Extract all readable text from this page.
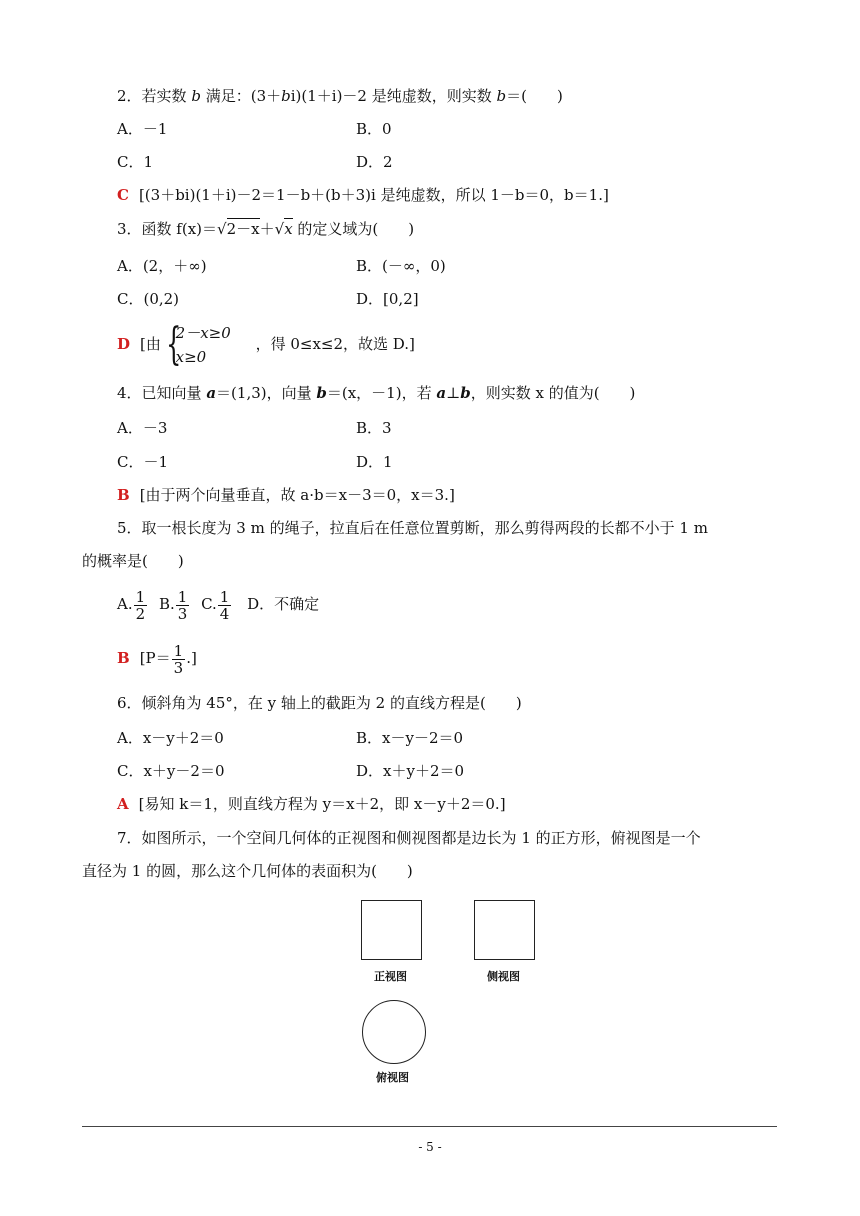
2．若实数 b 满足：(3＋bi)(1＋i)－2 是纯虚数，则实数 b＝(　　)
A．－1	B．0
C．1	D．2
C [(3＋bi)(1＋i)－2＝1－b＋(b＋3)i 是纯虚数，所以 1－b＝0，b＝1.]
3．函数 f(x)＝√2－x＋√x 的定义域为(　　)
A．(2，＋∞)	B．(－∞，0)
C．(0,2)	D．[0,2]
D [由 {
2－x≥0
x≥0
，得 0≤x≤2，故选 D.]
4．已知向量 a＝(1,3)，向量 b＝(x，－1)，若 a⊥b，则实数 x 的值为(　　)
A．－3	B．3
C．－1	D．1
B [由于两个向量垂直，故 a·b＝x－3＝0，x＝3.]
5．取一根长度为 3 m 的绳子，拉直后在任意位置剪断，那么剪得两段的长都不小于 1 m
的概率是(　　)
A. $\frac{1}{2} B$. $\frac{1}{3} C$. $\frac{1}{4}$ D．不确定
B [$P= \frac{1}{3}$ .]
6．倾斜角为 45°，在 y 轴上的截距为 2 的直线方程是(　　)
A．x－y＋2＝0	B．x－y－2＝0
C．x＋y－2＝0	D．x＋y＋2＝0
A [易知 k＝1，则直线方程为 y＝x＋2，即 x－y＋2＝0.]
7．如图所示，一个空间几何体的正视图和侧视图都是边长为 1 的正方形，俯视图是一个
直径为 1 的圆，那么这个几何体的表面积为(　　)
正视图	侧视图
俯视图
- 5 -
